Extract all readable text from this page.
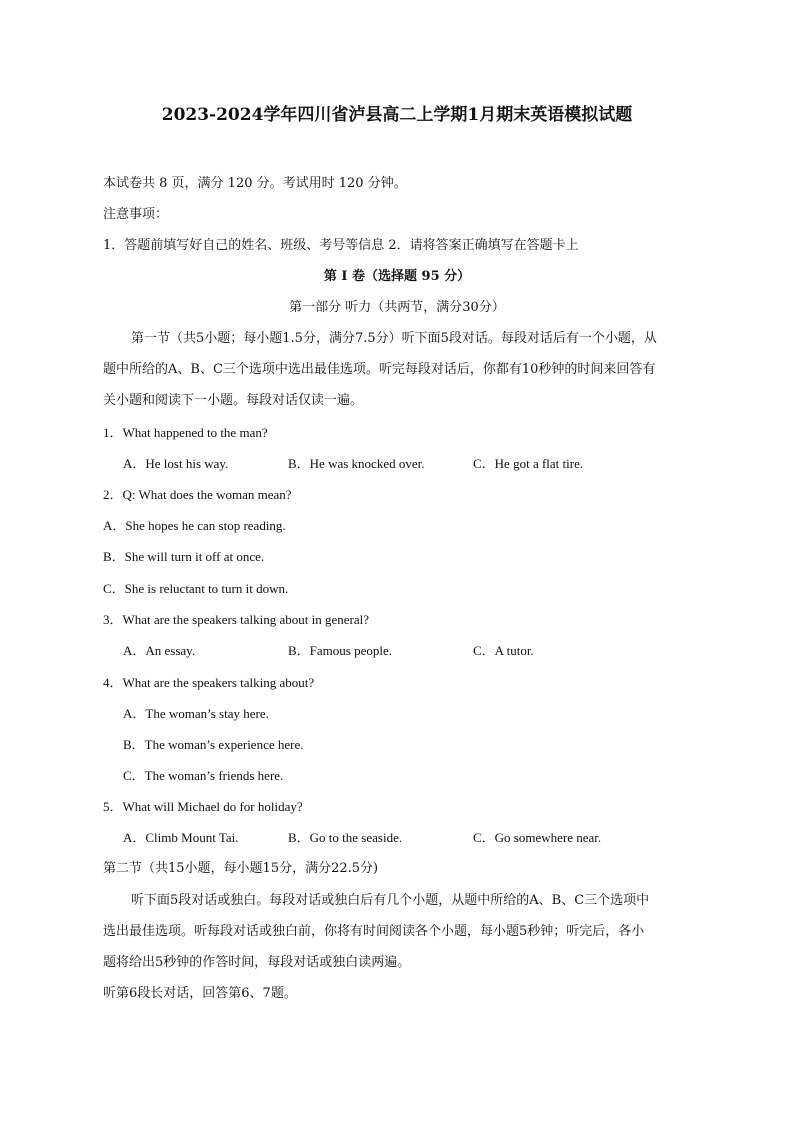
2023-2024学年四川省泸县高二上学期1月期末英语模拟试题
本试卷共 8 页，满分 120 分。考试用时 120 分钟。
注意事项：
1．答题前填写好自己的姓名、班级、考号等信息 2．请将答案正确填写在答题卡上
第 I 卷（选择题 95 分）
第一部分 听力（共两节，满分30分）
第一节（共5小题；每小题1.5分，满分7.5分）听下面5段对话。每段对话后有一个小题，从
题中所给的A、B、C三个选项中选出最佳选项。听完每段对话后，你都有10秒钟的时间来回答有
关小题和阅读下一小题。每段对话仅读一遍。
1．What happened to the man?
A．He lost his way.	B．He was knocked over.	C．He got a flat tire.
2．Q: What does the woman mean?
A．She hopes he can stop reading.
B．She will turn it off at once.
C．She is reluctant to turn it down.
3．What are the speakers talking about in general?
A．An essay.	B．Famous people.	C．A tutor.
4．What are the speakers talking about?
A．The woman’s stay here.
B．The woman’s experience here.
C．The woman’s friends here.
5．What will Michael do for holiday?
A．Climb Mount Tai.	B．Go to the seaside.	C．Go somewhere near.
第二节（共15小题，每小题15分，满分22.5分)
听下面5段对话或独白。每段对话或独白后有几个小题，从题中所给的A、B、C三个选项中
选出最佳选项。听每段对话或独白前，你将有时间阅读各个小题，每小题5秒钟；听完后，各小
题将给出5秒钟的作答时间，每段对话或独白读两遍。
听第6段长对话，回答第6、7题。
